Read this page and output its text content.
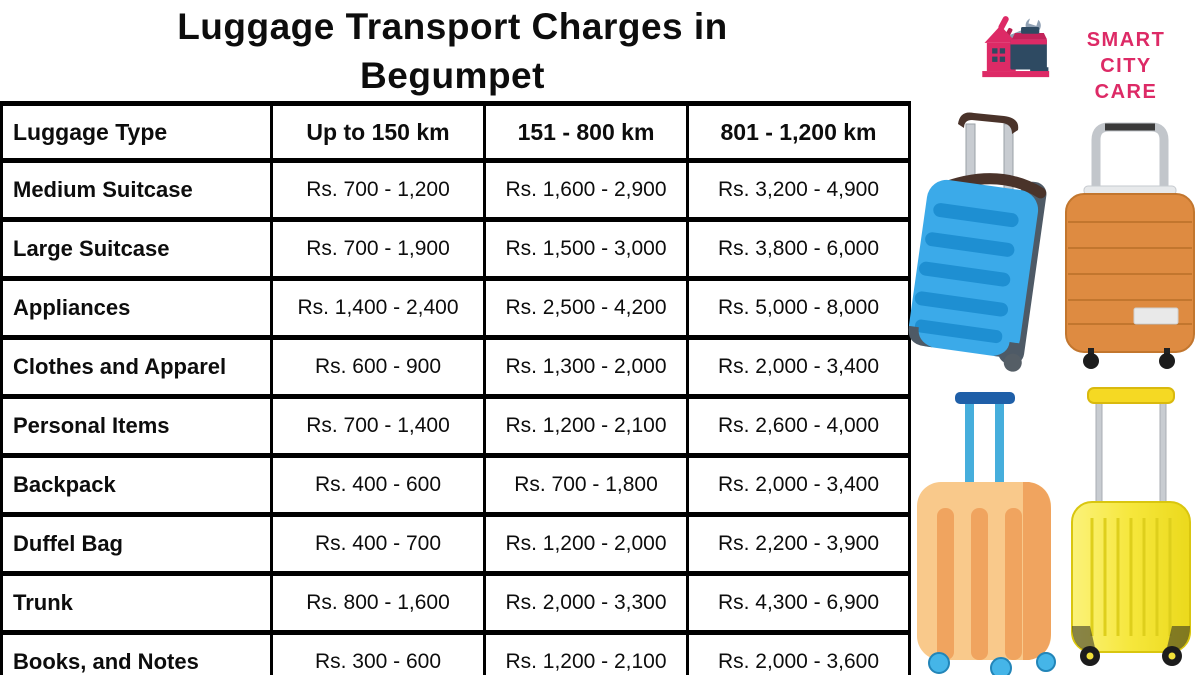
Luggage Transport Charges in
Begumpet
SMART CITY
CARE
Luggage Type	Up to 150 km	151 - 800 km	801 - 1,200 km
Medium Suitcase	Rs. 700 - 1,200	Rs. 1,600 - 2,900	Rs. 3,200 - 4,900
Large Suitcase	Rs. 700 - 1,900	Rs. 1,500 - 3,000	Rs. 3,800 - 6,000
Appliances	Rs. 1,400 - 2,400	Rs. 2,500 - 4,200	Rs. 5,000 - 8,000
Clothes and Apparel	Rs. 600 - 900	Rs. 1,300 - 2,000	Rs. 2,000 - 3,400
Personal Items	Rs. 700 - 1,400	Rs. 1,200 - 2,100	Rs. 2,600 - 4,000
Backpack	Rs. 400 - 600	Rs. 700 - 1,800	Rs. 2,000 - 3,400
Duffel Bag	Rs. 400 - 700	Rs. 1,200 - 2,000	Rs. 2,200 - 3,900
Trunk	Rs. 800 - 1,600	Rs. 2,000 - 3,300	Rs. 4,300 - 6,900
Books, and Notes	Rs. 300 - 600	Rs. 1,200 - 2,100	Rs. 2,000 - 3,600
